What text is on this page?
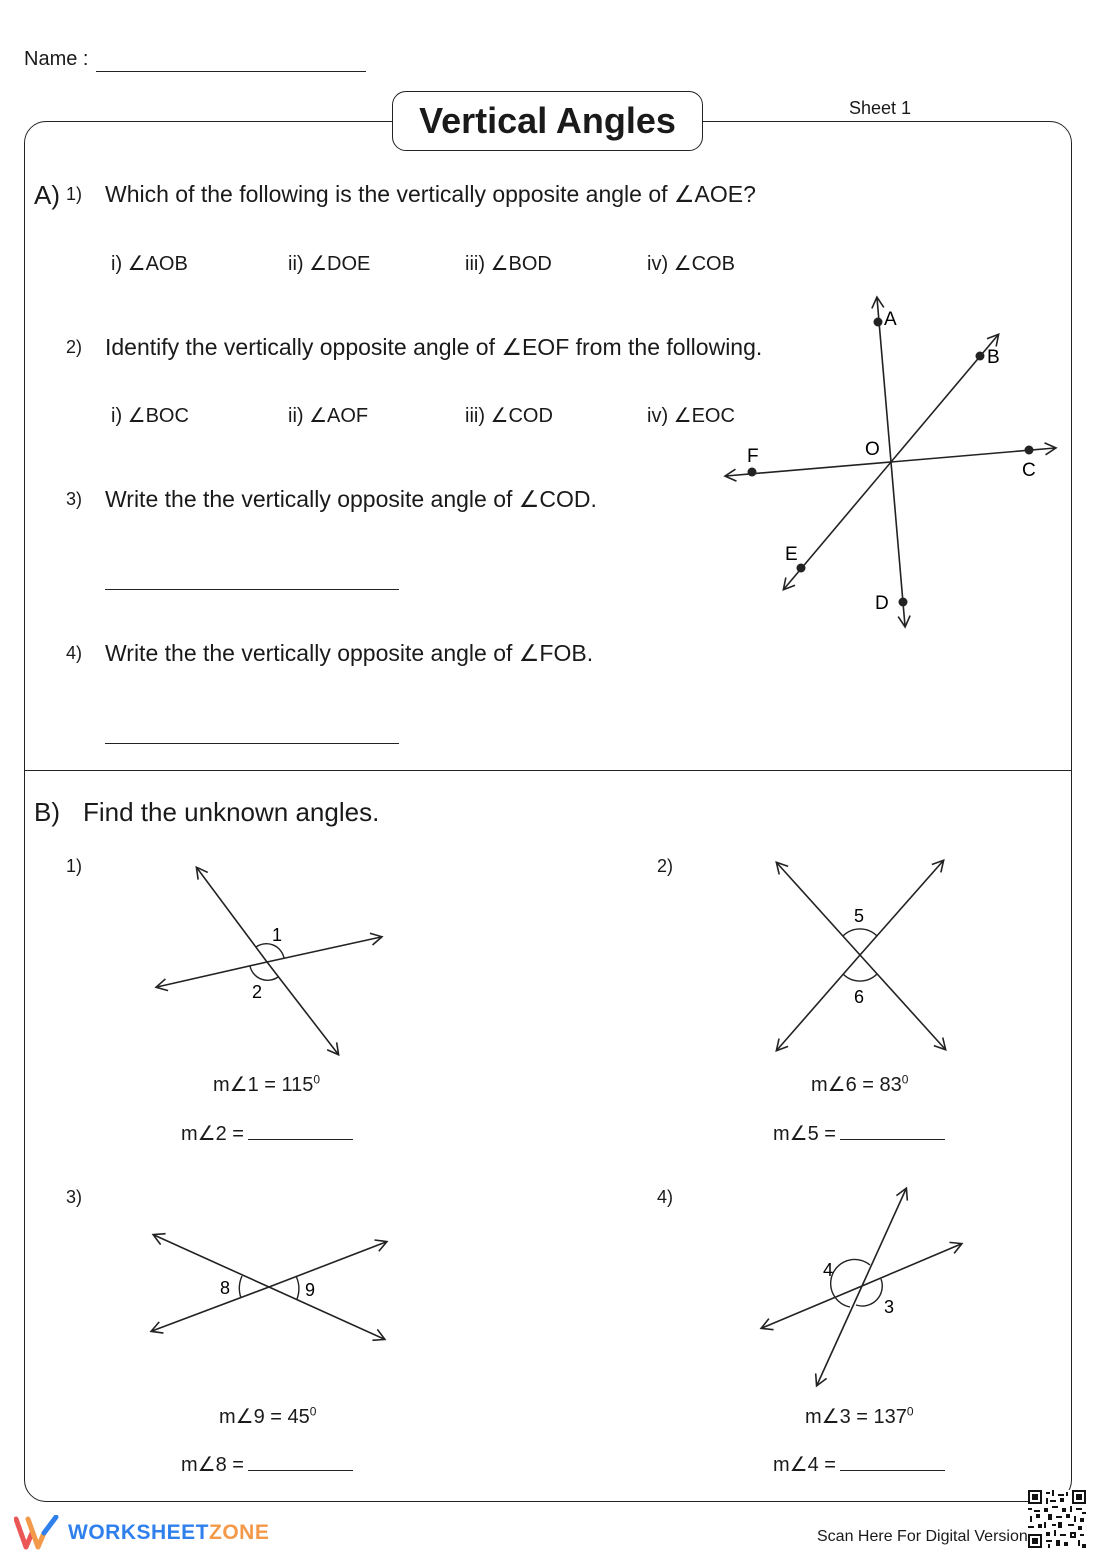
Name :
Vertical Angles	Sheet 1
A) 1) Which of the following is the vertically opposite angle of ∠AOE?
i) ∠AOB	ii) ∠DOE	iii) ∠BOD	iv) ∠COB
2) Identify the vertically opposite angle of ∠EOF from the following.
i) ∠BOC	ii) ∠AOF	iii) ∠COD	iv) ∠EOC
3) Write the the vertically opposite angle of ∠COD.
4) Write the the vertically opposite angle of ∠FOB.
A
B
C
D
E
F	O
B) Find the unknown angles.
1)
1
2
m∠1 = $115^0$
m∠2 =
2)
5
6
m∠6 = $83^0$
m∠5 =
3)
8	9
m∠9 = $45^0$
m∠8 =
4)
4
3
m∠3 = $137^0$
m∠4 =
WORKSHEETZONE	Scan Here For Digital Version
